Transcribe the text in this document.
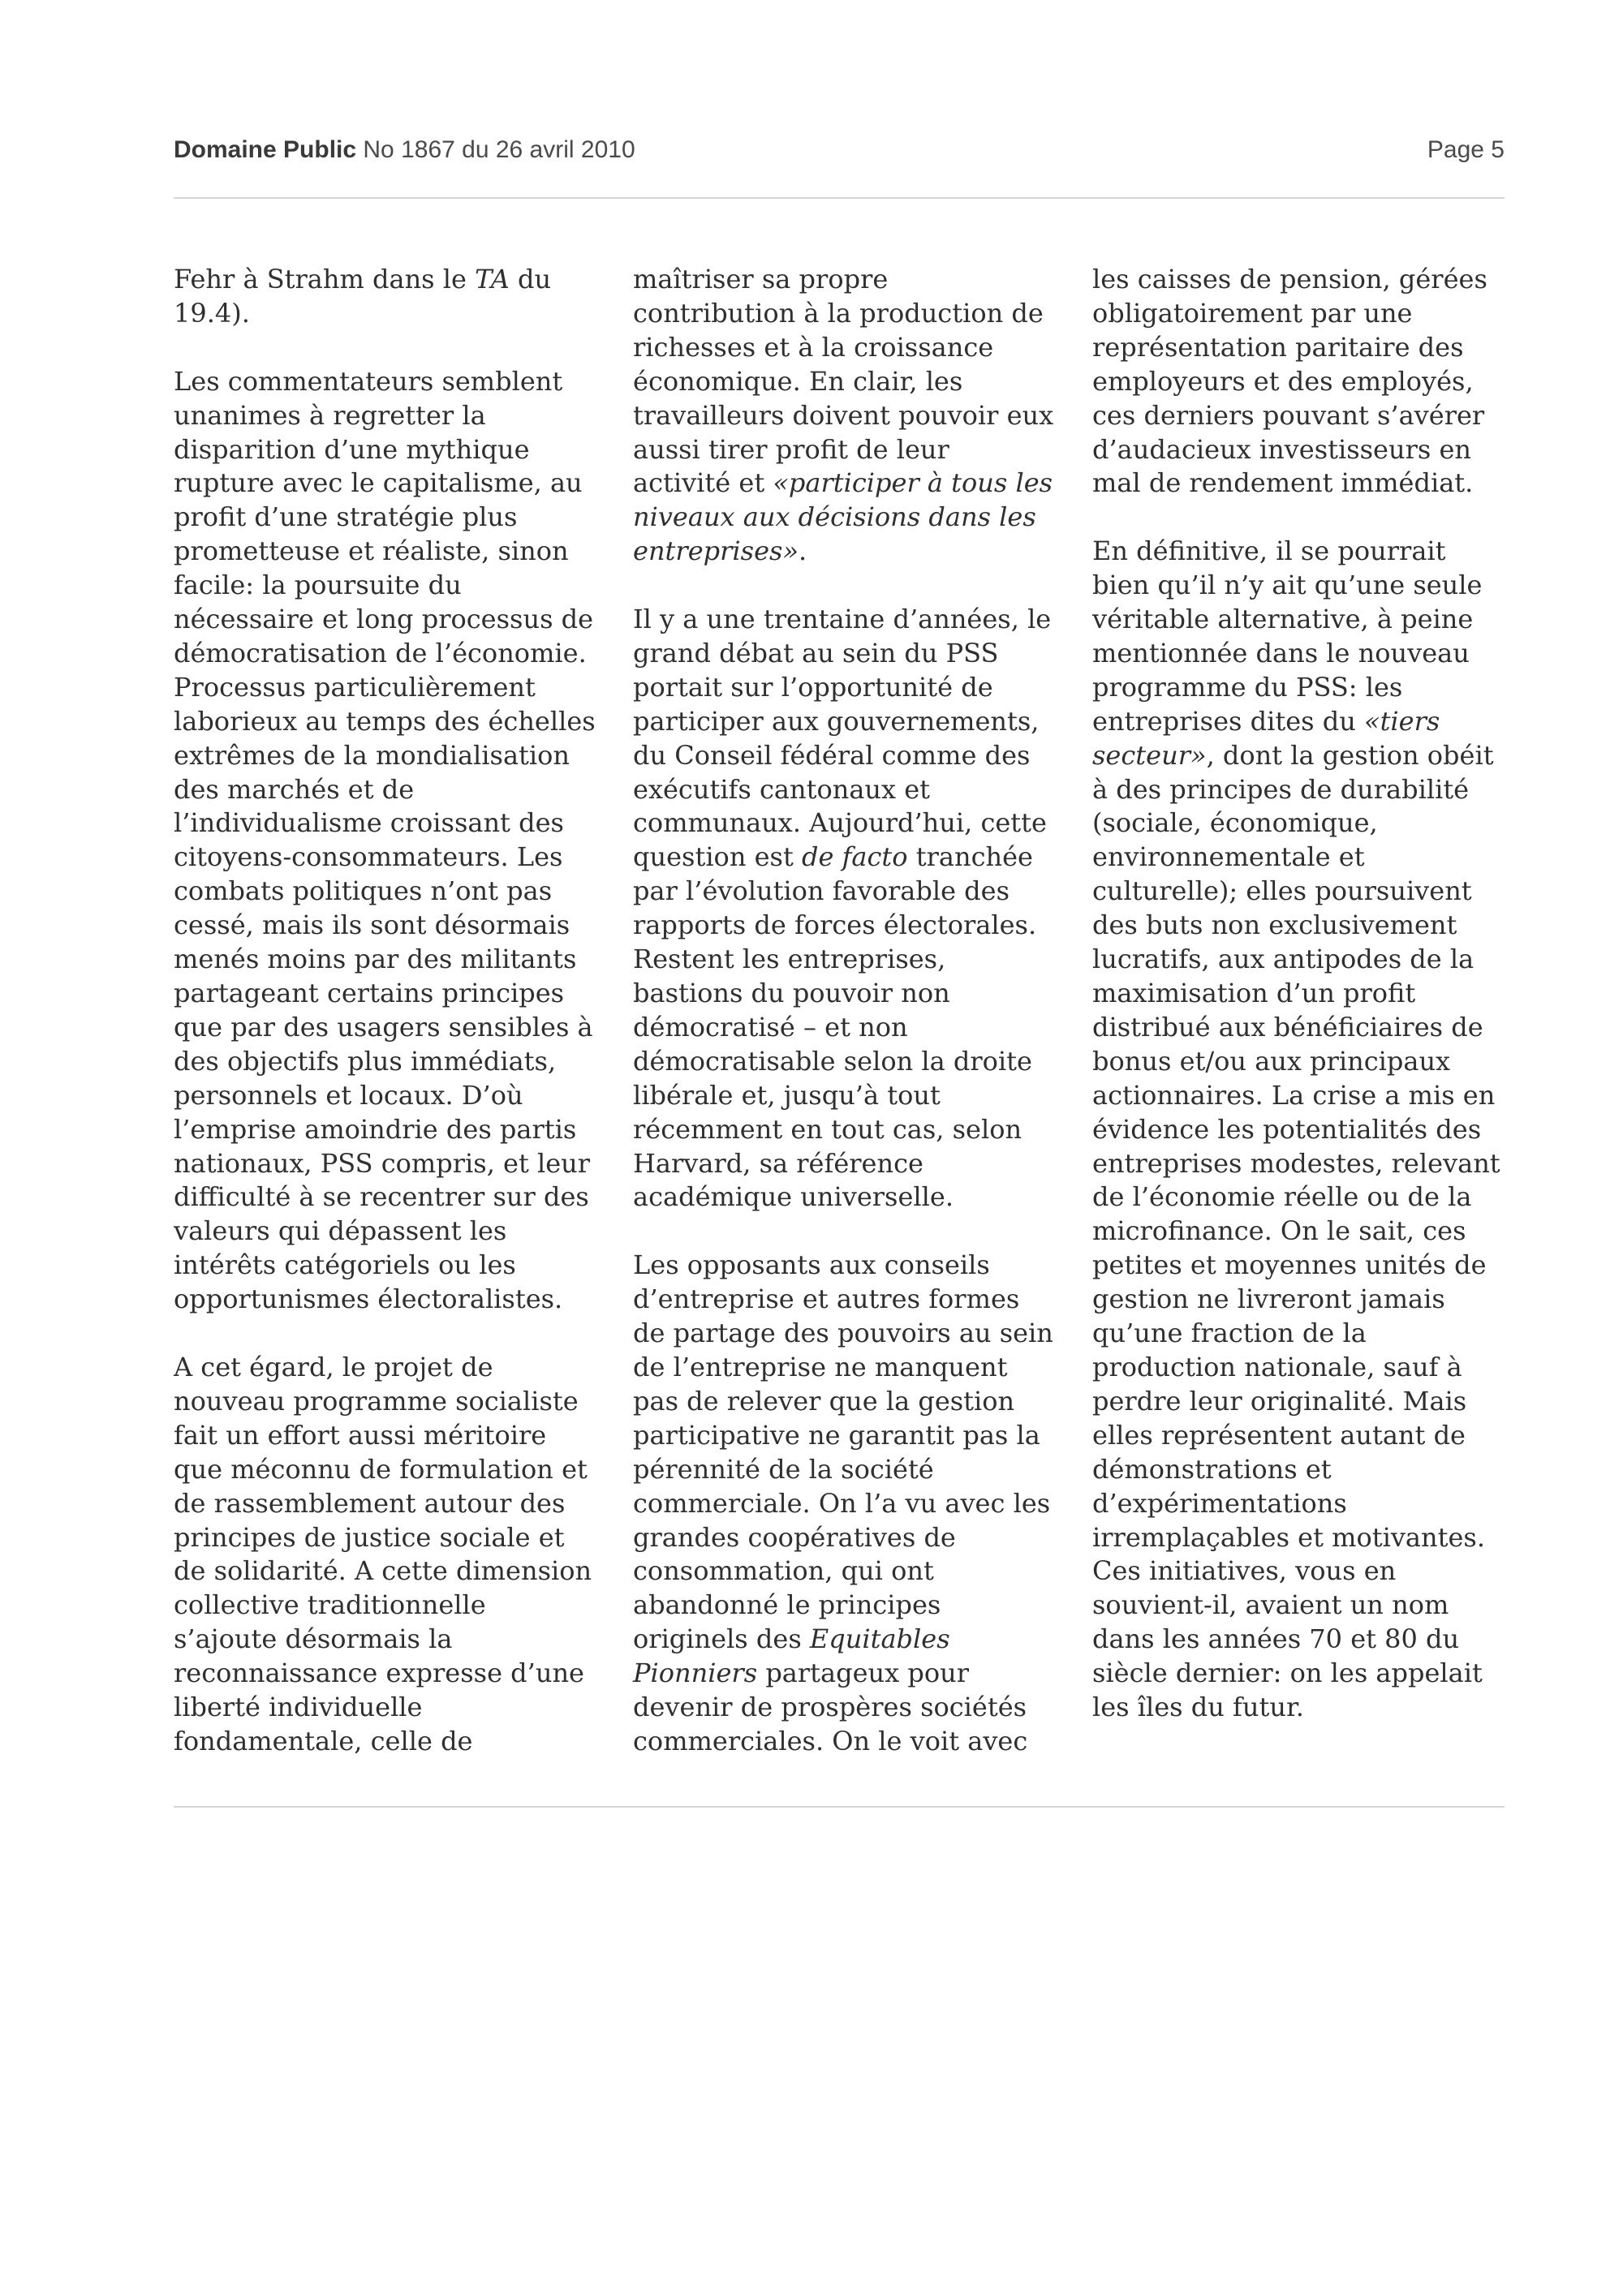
Domaine Public No 1867 du 26 avril 2010	Page 5

Fehr à Strahm dans le TA du 19.4).

Les commentateurs semblent unanimes à regretter la disparition d’une mythique rupture avec le capitalisme, au profit d’une stratégie plus prometteuse et réaliste, sinon facile: la poursuite du nécessaire et long processus de démocratisation de l’économie. Processus particulièrement laborieux au temps des échelles extrêmes de la mondialisation des marchés et de l’individualisme croissant des citoyens-consommateurs. Les combats politiques n’ont pas cessé, mais ils sont désormais menés moins par des militants partageant certains principes que par des usagers sensibles à des objectifs plus immédiats, personnels et locaux. D’où l’emprise amoindrie des partis nationaux, PSS compris, et leur difficulté à se recentrer sur des valeurs qui dépassent les intérêts catégoriels ou les opportunismes électoralistes.

A cet égard, le projet de nouveau programme socialiste fait un effort aussi méritoire que méconnu de formulation et de rassemblement autour des principes de justice sociale et de solidarité. A cette dimension collective traditionnelle s’ajoute désormais la reconnaissance expresse d’une liberté individuelle fondamentale, celle de

maîtriser sa propre contribution à la production de richesses et à la croissance économique. En clair, les travailleurs doivent pouvoir eux aussi tirer profit de leur activité et «participer à tous les niveaux aux décisions dans les entreprises».

Il y a une trentaine d’années, le grand débat au sein du PSS portait sur l’opportunité de participer aux gouvernements, du Conseil fédéral comme des exécutifs cantonaux et communaux. Aujourd’hui, cette question est de facto tranchée par l’évolution favorable des rapports de forces électorales. Restent les entreprises, bastions du pouvoir non démocratisé – et non démocratisable selon la droite libérale et, jusqu’à tout récemment en tout cas, selon Harvard, sa référence académique universelle.

Les opposants aux conseils d’entreprise et autres formes de partage des pouvoirs au sein de l’entreprise ne manquent pas de relever que la gestion participative ne garantit pas la pérennité de la société commerciale. On l’a vu avec les grandes coopératives de consommation, qui ont abandonné le principes originels des Equitables Pionniers partageux pour devenir de prospères sociétés commerciales. On le voit avec

les caisses de pension, gérées obligatoirement par une représentation paritaire des employeurs et des employés, ces derniers pouvant s’avérer d’audacieux investisseurs en mal de rendement immédiat.

En définitive, il se pourrait bien qu’il n’y ait qu’une seule véritable alternative, à peine mentionnée dans le nouveau programme du PSS: les entreprises dites du «tiers secteur», dont la gestion obéit à des principes de durabilité (sociale, économique, environnementale et culturelle); elles poursuivent des buts non exclusivement lucratifs, aux antipodes de la maximisation d’un profit distribué aux bénéficiaires de bonus et/ou aux principaux actionnaires. La crise a mis en évidence les potentialités des entreprises modestes, relevant de l’économie réelle ou de la microfinance. On le sait, ces petites et moyennes unités de gestion ne livreront jamais qu’une fraction de la production nationale, sauf à perdre leur originalité. Mais elles représentent autant de démonstrations et d’expérimentations irremplaçables et motivantes. Ces initiatives, vous en souvient-il, avaient un nom dans les années 70 et 80 du siècle dernier: on les appelait les îles du futur.
